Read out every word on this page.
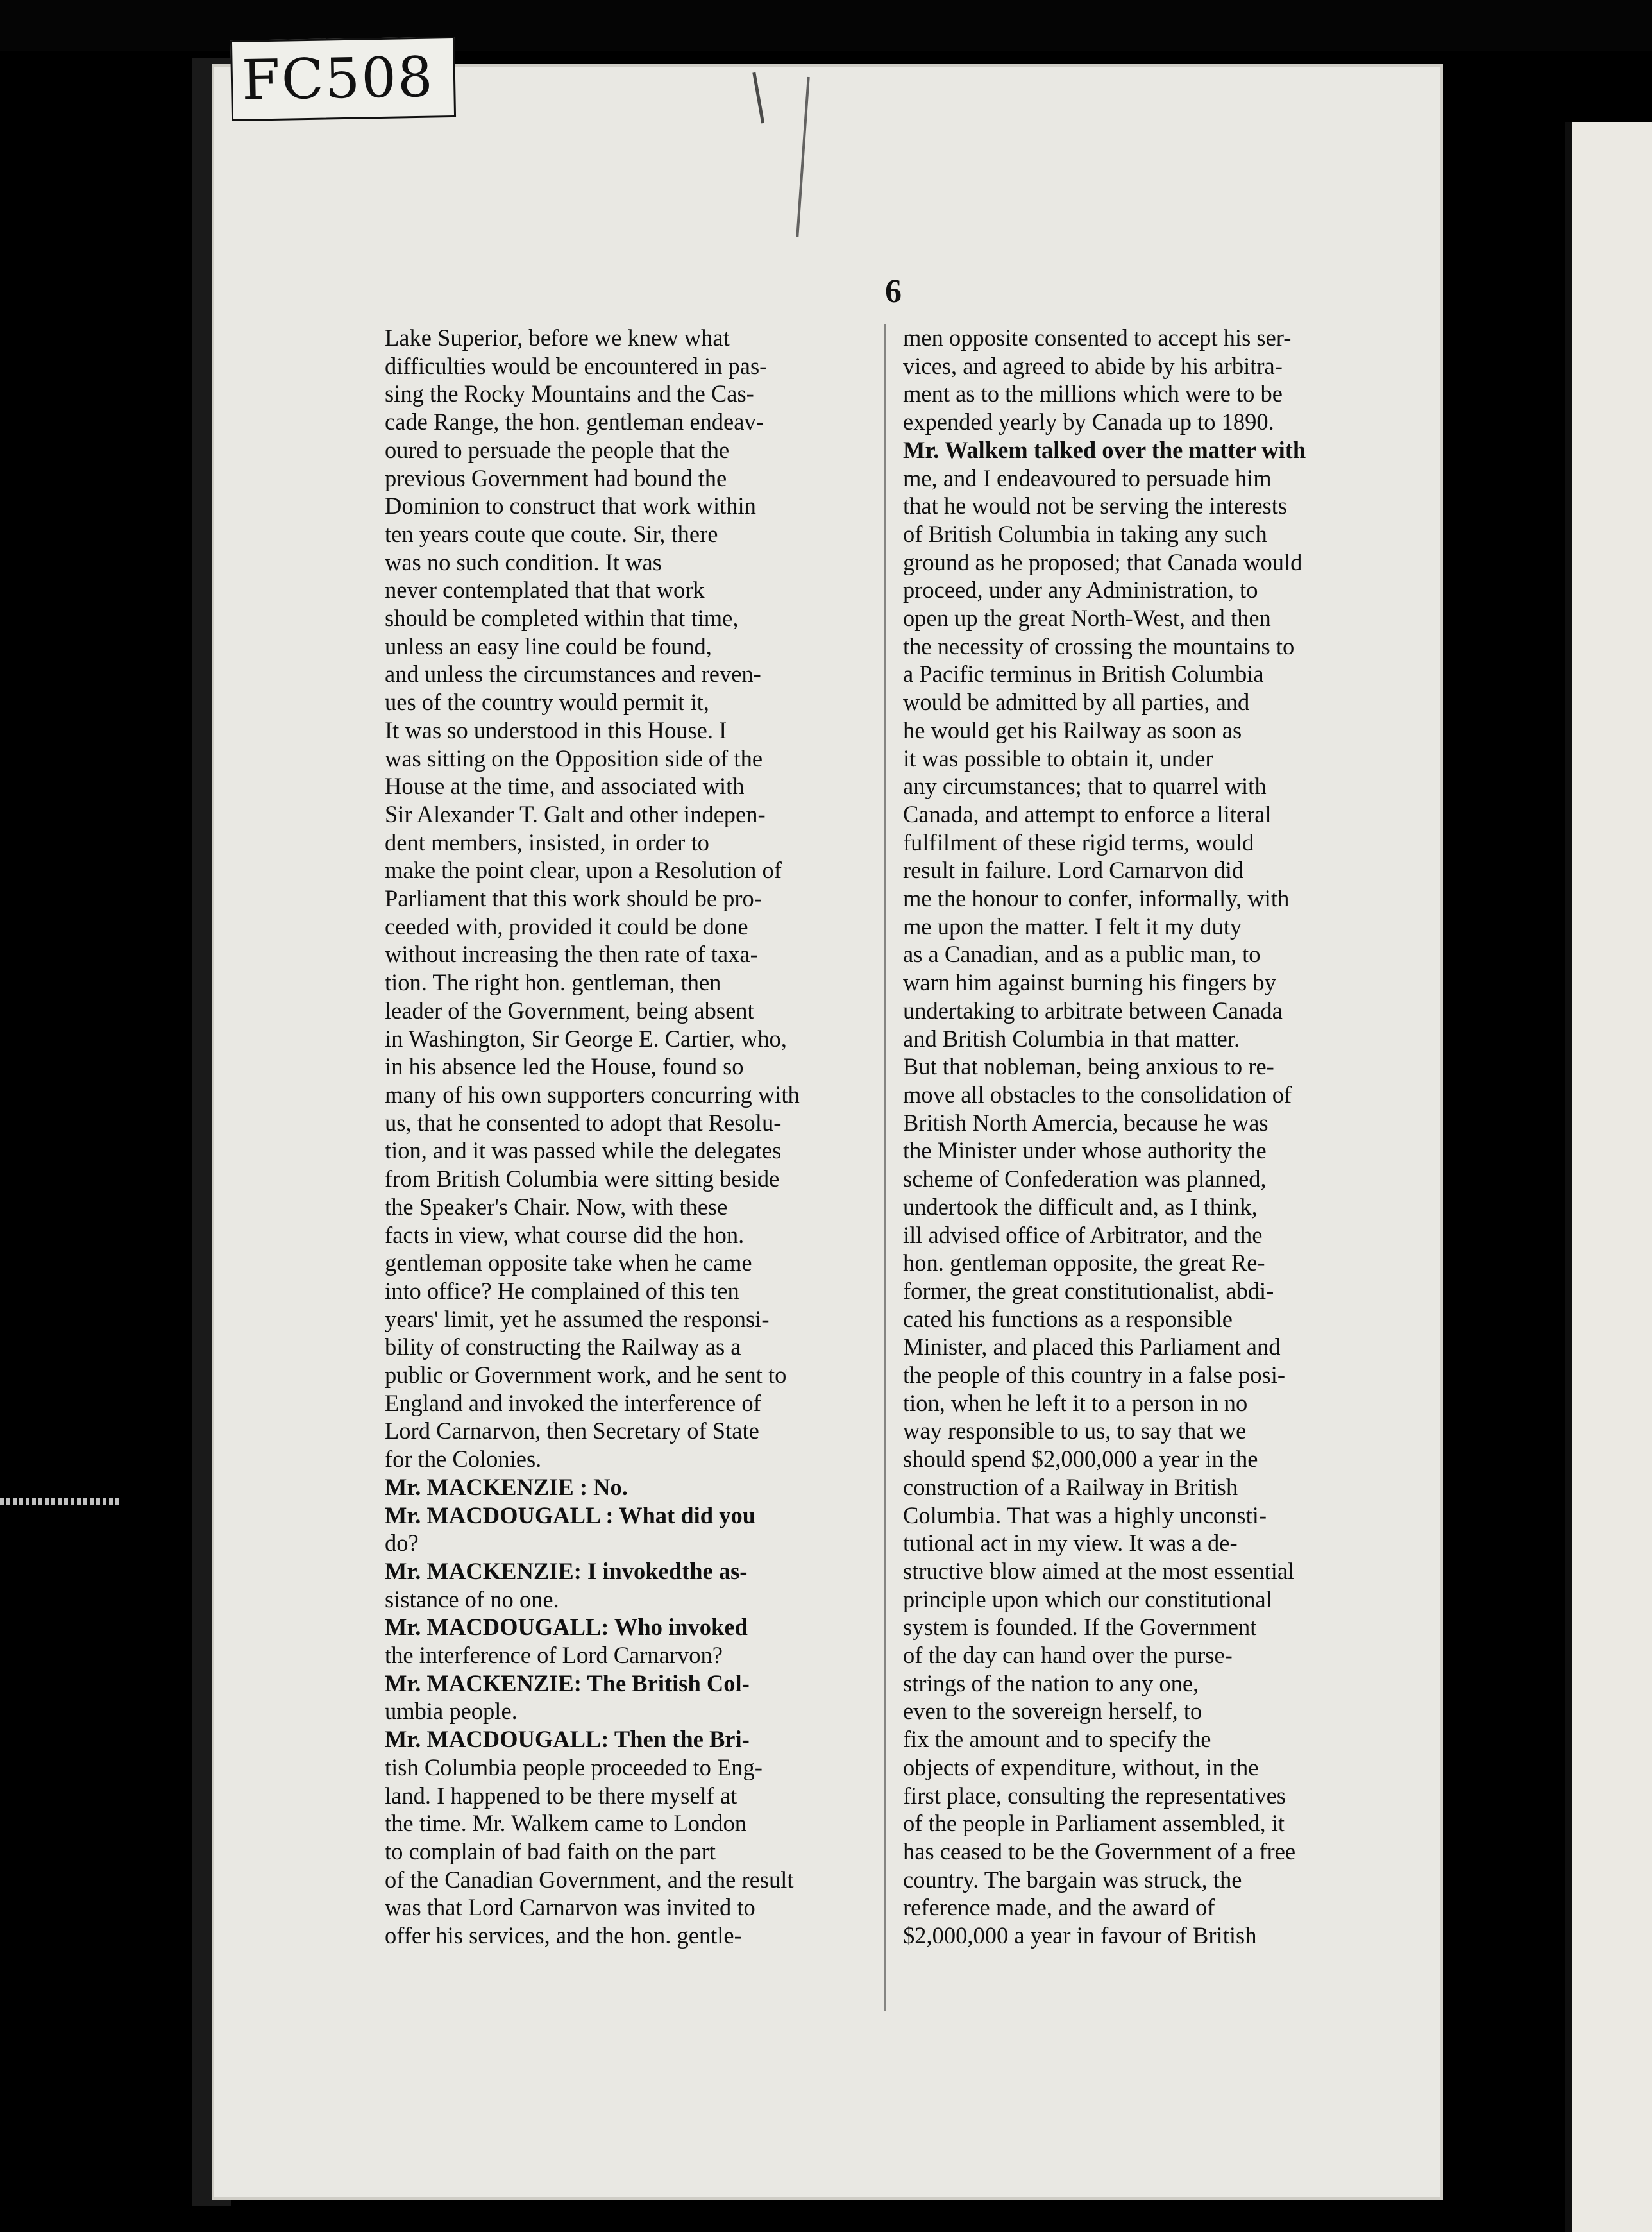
FC508
6
Lake Superior, before we knew what
difficulties would be encountered in pas-
sing the Rocky Mountains and the Cas-
cade Range, the hon. gentleman endeav-
oured to persuade the people that the
previous Government had bound the
Dominion to construct that work within
ten years coute que coute. Sir, there
was no such condition. It was
never contemplated that that work
should be completed within that time,
unless an easy line could be found,
and unless the circumstances and reven-
ues of the country would permit it,
It was so understood in this House. I
was sitting on the Opposition side of the
House at the time, and associated with
Sir Alexander T. Galt and other indepen-
dent members, insisted, in order to
make the point clear, upon a Resolution of
Parliament that this work should be pro-
ceeded with, provided it could be done
without increasing the then rate of taxa-
tion. The right hon. gentleman, then
leader of the Government, being absent
in Washington, Sir George E. Cartier, who,
in his absence led the House, found so
many of his own supporters concurring with
us, that he consented to adopt that Resolu-
tion, and it was passed while the delegates
from British Columbia were sitting beside
the Speaker's Chair. Now, with these
facts in view, what course did the hon.
gentleman opposite take when he came
into office? He complained of this ten
years' limit, yet he assumed the responsi-
bility of constructing the Railway as a
public or Government work, and he sent to
England and invoked the interference of
Lord Carnarvon, then Secretary of State
for the Colonies.
Mr. MACKENZIE : No.
Mr. MACDOUGALL : What did you
do?
Mr. MACKENZIE: I invokedthe as-
sistance of no one.
Mr. MACDOUGALL: Who invoked
the interference of Lord Carnarvon?
Mr. MACKENZIE: The British Col-
umbia people.
Mr. MACDOUGALL: Then the Bri-
tish Columbia people proceeded to Eng-
land. I happened to be there myself at
the time. Mr. Walkem came to London
to complain of bad faith on the part
of the Canadian Government, and the result
was that Lord Carnarvon was invited to
offer his services, and the hon. gentle-
men opposite consented to accept his ser-
vices, and agreed to abide by his arbitra-
ment as to the millions which were to be
expended yearly by Canada up to 1890.
Mr. Walkem talked over the matter with
me, and I endeavoured to persuade him
that he would not be serving the interests
of British Columbia in taking any such
ground as he proposed; that Canada would
proceed, under any Administration, to
open up the great North-West, and then
the necessity of crossing the mountains to
a Pacific terminus in British Columbia
would be admitted by all parties, and
he would get his Railway as soon as
it was possible to obtain it, under
any circumstances; that to quarrel with
Canada, and attempt to enforce a literal
fulfilment of these rigid terms, would
result in failure. Lord Carnarvon did
me the honour to confer, informally, with
me upon the matter. I felt it my duty
as a Canadian, and as a public man, to
warn him against burning his fingers by
undertaking to arbitrate between Canada
and British Columbia in that matter.
But that nobleman, being anxious to re-
move all obstacles to the consolidation of
British North Amercia, because he was
the Minister under whose authority the
scheme of Confederation was planned,
undertook the difficult and, as I think,
ill advised office of Arbitrator, and the
hon. gentleman opposite, the great Re-
former, the great constitutionalist, abdi-
cated his functions as a responsible
Minister, and placed this Parliament and
the people of this country in a false posi-
tion, when he left it to a person in no
way responsible to us, to say that we
should spend $2,000,000 a year in the
construction of a Railway in British
Columbia. That was a highly unconsti-
tutional act in my view. It was a de-
structive blow aimed at the most essential
principle upon which our constitutional
system is founded. If the Government
of the day can hand over the purse-
strings of the nation to any one,
even to the sovereign herself, to
fix the amount and to specify the
objects of expenditure, without, in the
first place, consulting the representatives
of the people in Parliament assembled, it
has ceased to be the Government of a free
country. The bargain was struck, the
reference made, and the award of
$2,000,000 a year in favour of British
